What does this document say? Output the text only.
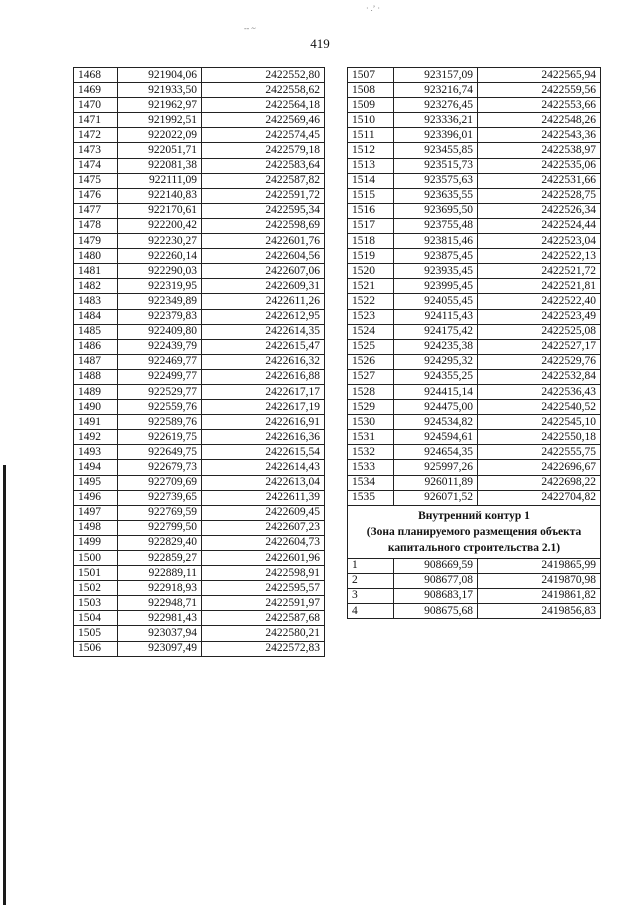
419
-- ~
· .ʼ ·
1468	921904,06	2422552,80
1469	921933,50	2422558,62
1470	921962,97	2422564,18
1471	921992,51	2422569,46
1472	922022,09	2422574,45
1473	922051,71	2422579,18
1474	922081,38	2422583,64
1475	922111,09	2422587,82
1476	922140,83	2422591,72
1477	922170,61	2422595,34
1478	922200,42	2422598,69
1479	922230,27	2422601,76
1480	922260,14	2422604,56
1481	922290,03	2422607,06
1482	922319,95	2422609,31
1483	922349,89	2422611,26
1484	922379,83	2422612,95
1485	922409,80	2422614,35
1486	922439,79	2422615,47
1487	922469,77	2422616,32
1488	922499,77	2422616,88
1489	922529,77	2422617,17
1490	922559,76	2422617,19
1491	922589,76	2422616,91
1492	922619,75	2422616,36
1493	922649,75	2422615,54
1494	922679,73	2422614,43
1495	922709,69	2422613,04
1496	922739,65	2422611,39
1497	922769,59	2422609,45
1498	922799,50	2422607,23
1499	922829,40	2422604,73
1500	922859,27	2422601,96
1501	922889,11	2422598,91
1502	922918,93	2422595,57
1503	922948,71	2422591,97
1504	922981,43	2422587,68
1505	923037,94	2422580,21
1506	923097,49	2422572,83
1507	923157,09	2422565,94
1508	923216,74	2422559,56
1509	923276,45	2422553,66
1510	923336,21	2422548,26
1511	923396,01	2422543,36
1512	923455,85	2422538,97
1513	923515,73	2422535,06
1514	923575,63	2422531,66
1515	923635,55	2422528,75
1516	923695,50	2422526,34
1517	923755,48	2422524,44
1518	923815,46	2422523,04
1519	923875,45	2422522,13
1520	923935,45	2422521,72
1521	923995,45	2422521,81
1522	924055,45	2422522,40
1523	924115,43	2422523,49
1524	924175,42	2422525,08
1525	924235,38	2422527,17
1526	924295,32	2422529,76
1527	924355,25	2422532,84
1528	924415,14	2422536,43
1529	924475,00	2422540,52
1530	924534,82	2422545,10
1531	924594,61	2422550,18
1532	924654,35	2422555,75
1533	925997,26	2422696,67
1534	926011,89	2422698,22
1535	926071,52	2422704,82

Внутренний контур 1
(Зона планируемого размещения объекта капитального строительства 2.1)		

1	908669,59	2419865,99
2	908677,08	2419870,98
3	908683,17	2419861,82
4	908675,68	2419856,83
